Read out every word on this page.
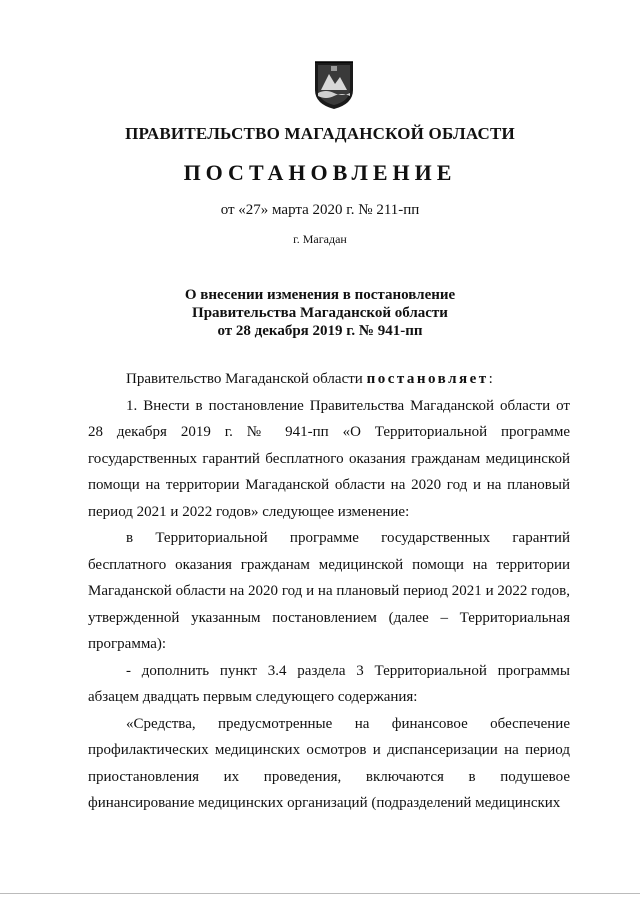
ПРАВИТЕЛЬСТВО МАГАДАНСКОЙ ОБЛАСТИ
ПОСТАНОВЛЕНИЕ
от «27» марта 2020 г. № 211-пп
г. Магадан
О внесении изменения в постановление
Правительства Магаданской области
от 28 декабря 2019 г. № 941-пп

Правительство Магаданской области постановляет:

1. Внести в постановление Правительства Магаданской области от 28 декабря 2019 г. № 941-пп «О Территориальной программе государственных гарантий бесплатного оказания гражданам медицинской помощи на территории Магаданской области на 2020 год и на плановый период 2021 и 2022 годов» следующее изменение:

в Территориальной программе государственных гарантий бесплатного оказания гражданам медицинской помощи на территории Магаданской области на 2020 год и на плановый период 2021 и 2022 годов, утвержденной указанным постановлением (далее – Территориальная программа):

- дополнить пункт 3.4 раздела 3 Территориальной программы абзацем двадцать первым следующего содержания:

«Средства, предусмотренные на финансовое обеспечение профилактических медицинских осмотров и диспансеризации на период приостановления их проведения, включаются в подушевое финансирование медицинских организаций (подразделений медицинских
